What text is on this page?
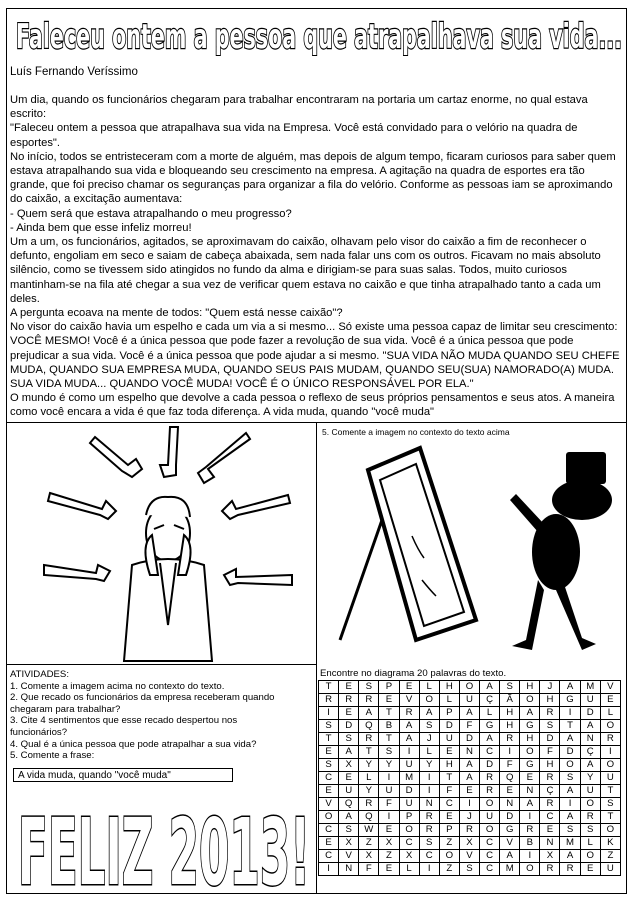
Faleceu ontem a pessoa que atrapalhava sua vida...
Luís Fernando Veríssimo

Um dia, quando os funcionários chegaram para trabalhar encontraram na portaria um cartaz enorme, no qual estava escrito:

"Faleceu ontem a pessoa que atrapalhava sua vida na Empresa. Você está convidado para o velório na quadra de esportes".

No início, todos se entristeceram com a morte de alguém, mas depois de algum tempo, ficaram curiosos para saber quem estava atrapalhando sua vida e bloqueando seu crescimento na empresa. A agitação na quadra de esportes era tão grande, que foi preciso chamar os seguranças para organizar a fila do velório. Conforme as pessoas iam se aproximando do caixão, a excitação aumentava:

- Quem será que estava atrapalhando o meu progresso?

- Ainda bem que esse infeliz morreu!

Um a um, os funcionários, agitados, se aproximavam do caixão, olhavam pelo visor do caixão a fim de reconhecer o defunto, engoliam em seco e saiam de cabeça abaixada, sem nada falar uns com os outros. Ficavam no mais absoluto silêncio, como se tivessem sido atingidos no fundo da alma e dirigiam-se para suas salas. Todos, muito curiosos mantinham-se na fila até chegar a sua vez de verificar quem estava no caixão e que tinha atrapalhado tanto a cada um deles.

A pergunta ecoava na mente de todos: "Quem está nesse caixão"?

No visor do caixão havia um espelho e cada um via a si mesmo... Só existe uma pessoa capaz de limitar seu crescimento: VOCÊ MESMO! Você é a única pessoa que pode fazer a revolução de sua vida. Você é a única pessoa que pode prejudicar a sua vida. Você é a única pessoa que pode ajudar a si mesmo. "SUA VIDA NÃO MUDA QUANDO SEU CHEFE MUDA, QUANDO SUA EMPRESA MUDA, QUANDO SEUS PAIS MUDAM, QUANDO SEU(SUA) NAMORADO(A) MUDA. SUA VIDA MUDA... QUANDO VOCÊ MUDA! VOCÊ É O ÚNICO RESPONSÁVEL POR ELA."

O mundo é como um espelho que devolve a cada pessoa o reflexo de seus próprios pensamentos e seus atos. A maneira como você encara a vida é que faz toda diferença. A vida muda, quando "você muda"

5. Comente a imagem no contexto do texto acima
ATIVIDADES:
1. Comente a imagem acima no contexto do texto.
2. Que recado os funcionários da empresa receberam quando
chegaram para trabalhar?
3. Cite 4 sentimentos que esse recado despertou nos
funcionários?
4. Qual é a única pessoa que pode atrapalhar a sua vida?
5. Comente a frase:
A vida muda, quando "você muda"
FELIZ 2013!
Encontre no diagrama 20 palavras do texto.
T	E	S	P	E	L	H	O	A	S	H	J	A	M	V
R	R	R	E	V	O	L	U	Ç	Ã	O	H	G	U	E
I	E	A	T	R	A	P	A	L	H	A	R	I	D	L
S	D	Q	B	A	S	D	F	G	H	G	S	T	A	O
T	S	R	T	A	J	U	D	A	R	H	D	A	N	R
E	A	T	S	I	L	E	N	C	I	O	F	D	Ç	I
S	X	Y	Y	U	Y	H	A	D	F	G	H	O	A	O
C	E	L	I	M	I	T	A	R	Q	E	R	S	Y	U
E	U	Y	U	D	I	F	E	R	E	N	Ç	A	U	T
V	Q	R	F	U	N	C	I	O	N	A	R	I	O	S
O	A	Q	I	P	R	E	J	U	D	I	C	A	R	T
C	S	W	E	O	R	P	R	O	G	R	E	S	S	O
E	X	Z	X	C	S	Z	X	C	V	B	N	M	L	K
C	V	X	Z	X	C	O	V	C	A	I	X	A	O	Z
I	N	F	E	L	I	Z	S	C	M	O	R	R	E	U
